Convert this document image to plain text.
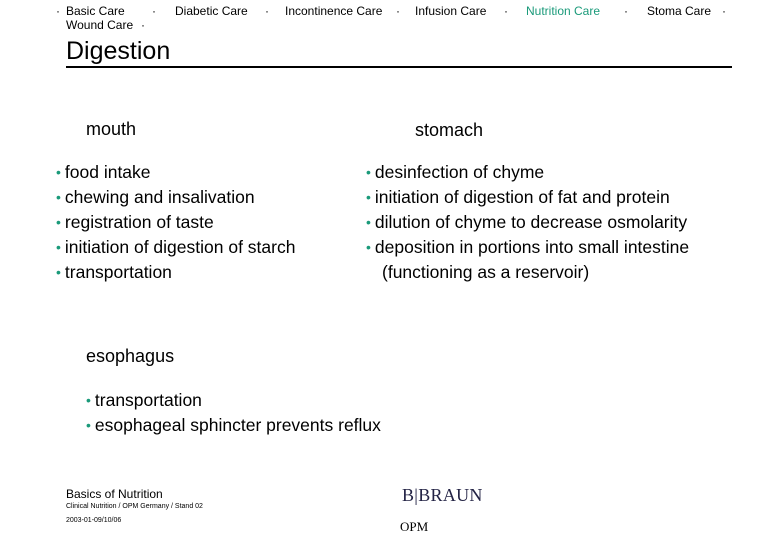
· Basic Care · Diabetic Care · Incontinence Care · Infusion Care · Nutrition Care · Stoma Care ·
Wound Care ·
Digestion
mouth
• food intake
• chewing and insalivation
• registration of taste
• initiation of digestion of starch
• transportation
stomach
• desinfection of chyme
• initiation of digestion of fat and protein
• dilution of chyme to decrease osmolarity
• deposition in portions into small intestine
(functioning as a reservoir)
esophagus
• transportation
• esophageal sphincter prevents reflux
Basics of Nutrition
Clinical Nutrition / OPM Germany / Stand 02
2003-01-09/10/06
B|BRAUN
OPM
